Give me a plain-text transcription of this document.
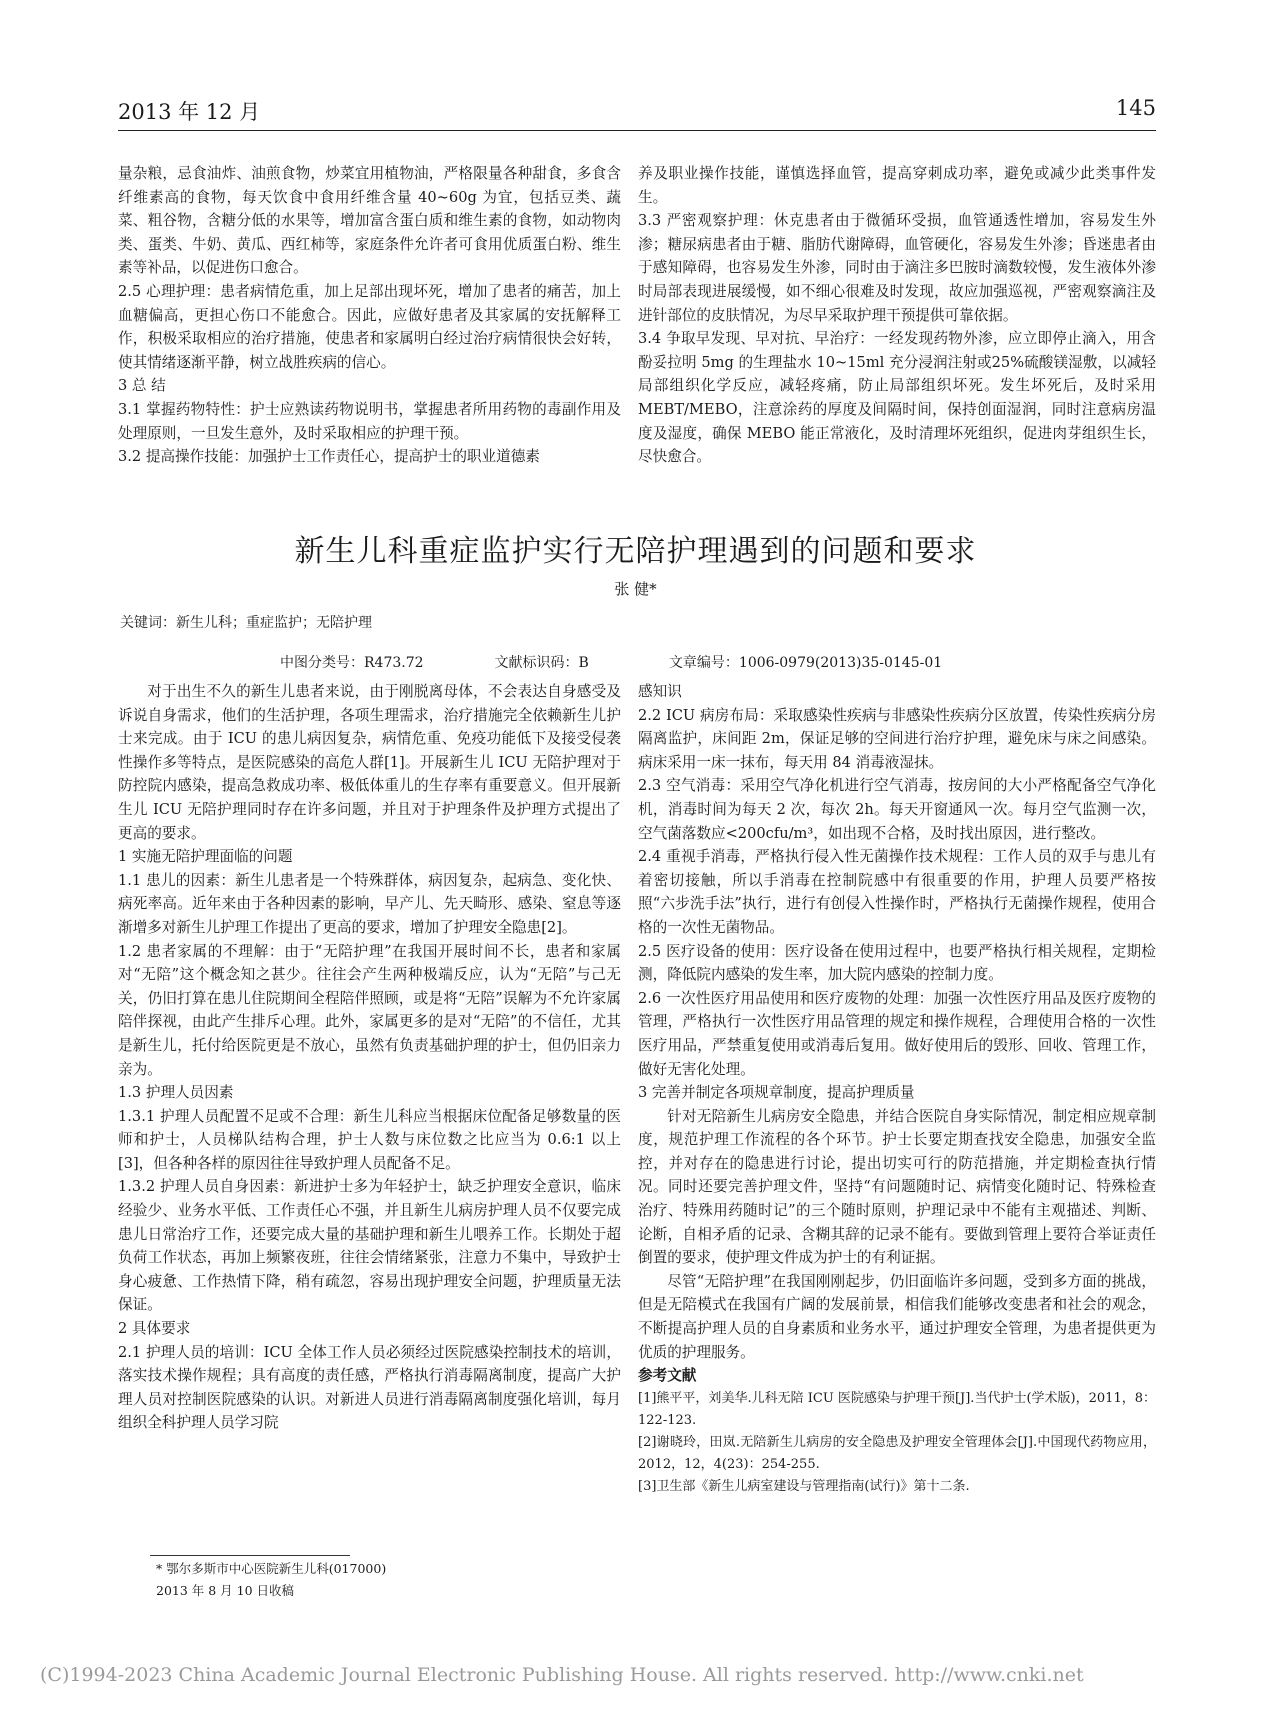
2013 年 12 月	145

量杂粮，忌食油炸、油煎食物，炒菜宜用植物油，严格限量各种甜食，多食含纤维素高的食物，每天饮食中食用纤维含量 40~60g 为宜，包括豆类、蔬菜、粗谷物，含糖分低的水果等，增加富含蛋白质和维生素的食物，如动物肉类、蛋类、牛奶、黄瓜、西红柿等，家庭条件允许者可食用优质蛋白粉、维生素等补品，以促进伤口愈合。

2.5 心理护理：患者病情危重，加上足部出现坏死，增加了患者的痛苦，加上血糖偏高，更担心伤口不能愈合。因此，应做好患者及其家属的安抚解释工作，积极采取相应的治疗措施，使患者和家属明白经过治疗病情很快会好转，使其情绪逐渐平静，树立战胜疾病的信心。

3 总 结

3.1 掌握药物特性：护士应熟读药物说明书，掌握患者所用药物的毒副作用及处理原则，一旦发生意外，及时采取相应的护理干预。

3.2 提高操作技能：加强护士工作责任心，提高护士的职业道德素

养及职业操作技能，谨慎选择血管，提高穿刺成功率，避免或减少此类事件发生。

3.3 严密观察护理：休克患者由于微循环受损，血管通透性增加，容易发生外渗；糖尿病患者由于糖、脂肪代谢障碍，血管硬化，容易发生外渗；昏迷患者由于感知障碍，也容易发生外渗，同时由于滴注多巴胺时滴数较慢，发生液体外渗时局部表现进展缓慢，如不细心很难及时发现，故应加强巡视，严密观察滴注及进针部位的皮肤情况，为尽早采取护理干预提供可靠依据。

3.4 争取早发现、早对抗、早治疗：一经发现药物外渗，应立即停止滴入，用含酚妥拉明 5mg 的生理盐水 10~15ml 充分浸润注射或25%硫酸镁湿敷，以减轻局部组织化学反应，减轻疼痛，防止局部组织坏死。发生坏死后，及时采用 MEBT/MEBO，注意涂药的厚度及间隔时间，保持创面湿润，同时注意病房温度及湿度，确保 MEBO 能正常液化，及时清理坏死组织，促进肉芽组织生长，尽快愈合。

新生儿科重症监护实行无陪护理遇到的问题和要求
张 健*
关键词：新生儿科；重症监护；无陪护理
中图分类号：R473.72	文献标识码：B	文章编号：1006-0979(2013)35-0145-01

对于出生不久的新生儿患者来说，由于刚脱离母体，不会表达自身感受及诉说自身需求，他们的生活护理，各项生理需求，治疗措施完全依赖新生儿护士来完成。由于 ICU 的患儿病因复杂，病情危重、免疫功能低下及接受侵袭性操作多等特点，是医院感染的高危人群[1]。开展新生儿 ICU 无陪护理对于防控院内感染，提高急救成功率、极低体重儿的生存率有重要意义。但开展新生儿 ICU 无陪护理同时存在许多问题，并且对于护理条件及护理方式提出了更高的要求。

1 实施无陪护理面临的问题

1.1 患儿的因素：新生儿患者是一个特殊群体，病因复杂，起病急、变化快、病死率高。近年来由于各种因素的影响，早产儿、先天畸形、感染、窒息等逐渐增多对新生儿护理工作提出了更高的要求，增加了护理安全隐患[2]。

1.2 患者家属的不理解：由于“无陪护理”在我国开展时间不长，患者和家属对“无陪”这个概念知之甚少。往往会产生两种极端反应，认为“无陪”与己无关，仍旧打算在患儿住院期间全程陪伴照顾，或是将“无陪”误解为不允许家属陪伴探视，由此产生排斥心理。此外，家属更多的是对“无陪”的不信任，尤其是新生儿，托付给医院更是不放心，虽然有负责基础护理的护士，但仍旧亲力亲为。

1.3 护理人员因素

1.3.1 护理人员配置不足或不合理：新生儿科应当根据床位配备足够数量的医师和护士，人员梯队结构合理，护士人数与床位数之比应当为 0.6:1 以上[3]，但各种各样的原因往往导致护理人员配备不足。

1.3.2 护理人员自身因素：新进护士多为年轻护士，缺乏护理安全意识，临床经验少、业务水平低、工作责任心不强，并且新生儿病房护理人员不仅要完成患儿日常治疗工作，还要完成大量的基础护理和新生儿喂养工作。长期处于超负荷工作状态，再加上频繁夜班，往往会情绪紧张，注意力不集中，导致护士身心疲惫、工作热情下降，稍有疏忽，容易出现护理安全问题，护理质量无法保证。

2 具体要求

2.1 护理人员的培训：ICU 全体工作人员必须经过医院感染控制技术的培训，落实技术操作规程；具有高度的责任感，严格执行消毒隔离制度，提高广大护理人员对控制医院感染的认识。对新进人员进行消毒隔离制度强化培训，每月组织全科护理人员学习院

感知识

2.2 ICU 病房布局：采取感染性疾病与非感染性疾病分区放置，传染性疾病分房隔离监护，床间距 2m，保证足够的空间进行治疗护理，避免床与床之间感染。病床采用一床一抹布，每天用 84 消毒液湿抹。

2.3 空气消毒：采用空气净化机进行空气消毒，按房间的大小严格配备空气净化机，消毒时间为每天 2 次，每次 2h。每天开窗通风一次。每月空气监测一次，空气菌落数应<200cfu/m³，如出现不合格，及时找出原因，进行整改。

2.4 重视手消毒，严格执行侵入性无菌操作技术规程：工作人员的双手与患儿有着密切接触，所以手消毒在控制院感中有很重要的作用，护理人员要严格按照“六步洗手法”执行，进行有创侵入性操作时，严格执行无菌操作规程，使用合格的一次性无菌物品。

2.5 医疗设备的使用：医疗设备在使用过程中，也要严格执行相关规程，定期检测，降低院内感染的发生率，加大院内感染的控制力度。

2.6 一次性医疗用品使用和医疗废物的处理：加强一次性医疗用品及医疗废物的管理，严格执行一次性医疗用品管理的规定和操作规程，合理使用合格的一次性医疗用品，严禁重复使用或消毒后复用。做好使用后的毁形、回收、管理工作，做好无害化处理。

3 完善并制定各项规章制度，提高护理质量

针对无陪新生儿病房安全隐患，并结合医院自身实际情况，制定相应规章制度，规范护理工作流程的各个环节。护士长要定期查找安全隐患，加强安全监控，并对存在的隐患进行讨论，提出切实可行的防范措施，并定期检查执行情况。同时还要完善护理文件，坚持“有问题随时记、病情变化随时记、特殊检查治疗、特殊用药随时记”的三个随时原则，护理记录中不能有主观描述、判断、论断，自相矛盾的记录、含糊其辞的记录不能有。要做到管理上要符合举证责任倒置的要求，使护理文件成为护士的有利证据。

尽管“无陪护理”在我国刚刚起步，仍旧面临许多问题，受到多方面的挑战，但是无陪模式在我国有广阔的发展前景，相信我们能够改变患者和社会的观念，不断提高护理人员的自身素质和业务水平，通过护理安全管理，为患者提供更为优质的护理服务。

参考文献

[1]熊平平，刘美华.儿科无陪 ICU 医院感染与护理干预[J].当代护士(学术版)，2011，8：122-123.

[2]谢晓玲，田岚.无陪新生儿病房的安全隐患及护理安全管理体会[J].中国现代药物应用，2012，12，4(23)：254-255.

[3]卫生部《新生儿病室建设与管理指南(试行)》第十二条.

* 鄂尔多斯市中心医院新生儿科(017000)
2013 年 8 月 10 日收稿
(C)1994-2023 China Academic Journal Electronic Publishing House. All rights reserved. http://www.cnki.net
